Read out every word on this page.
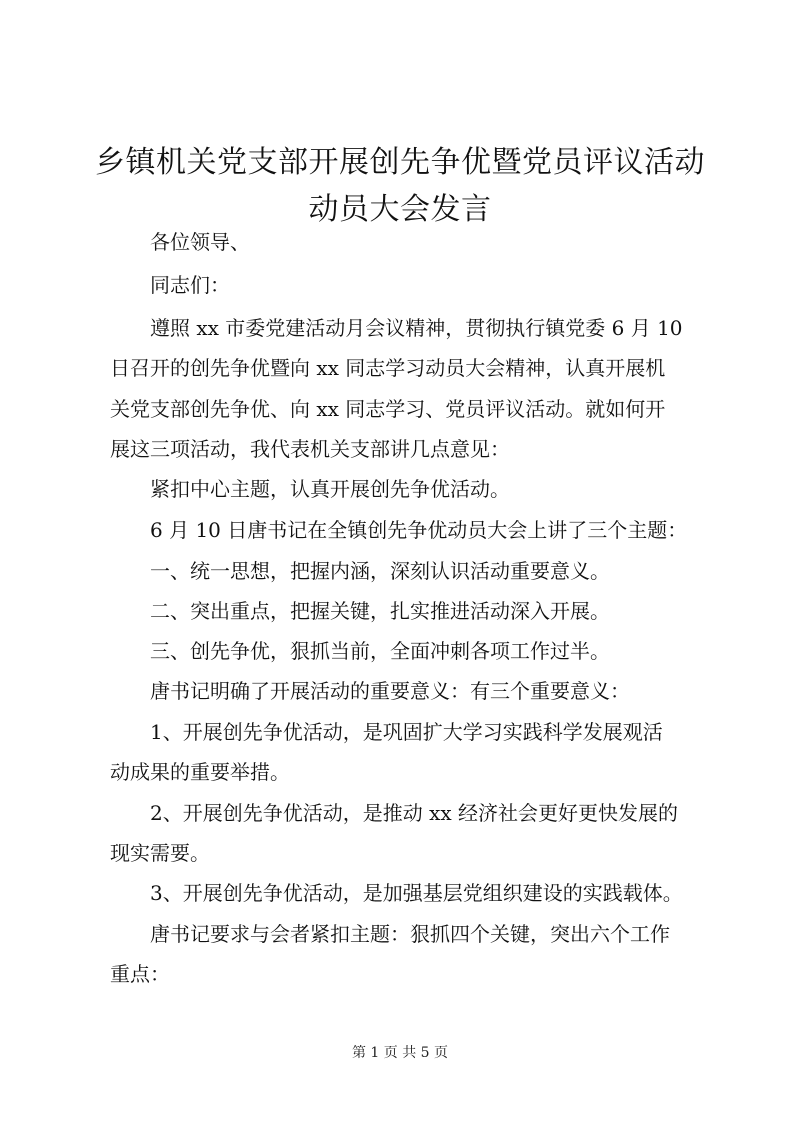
乡镇机关党支部开展创先争优暨党员评议活动
动员大会发言

各位领导、

同志们：

遵照 xx 市委党建活动月会议精神，贯彻执行镇党委 6 月 10

日召开的创先争优暨向 xx 同志学习动员大会精神，认真开展机

关党支部创先争优、向 xx 同志学习、党员评议活动。就如何开

展这三项活动，我代表机关支部讲几点意见：

紧扣中心主题，认真开展创先争优活动。

6 月 10 日唐书记在全镇创先争优动员大会上讲了三个主题：

一、统一思想，把握内涵，深刻认识活动重要意义。

二、突出重点，把握关键，扎实推进活动深入开展。

三、创先争优，狠抓当前，全面冲刺各项工作过半。

唐书记明确了开展活动的重要意义：有三个重要意义：

1、开展创先争优活动，是巩固扩大学习实践科学发展观活

动成果的重要举措。

2、开展创先争优活动，是推动 xx 经济社会更好更快发展的

现实需要。

3、开展创先争优活动，是加强基层党组织建设的实践载体。

唐书记要求与会者紧扣主题：狠抓四个关键，突出六个工作

重点：

第 1 页 共 5 页
